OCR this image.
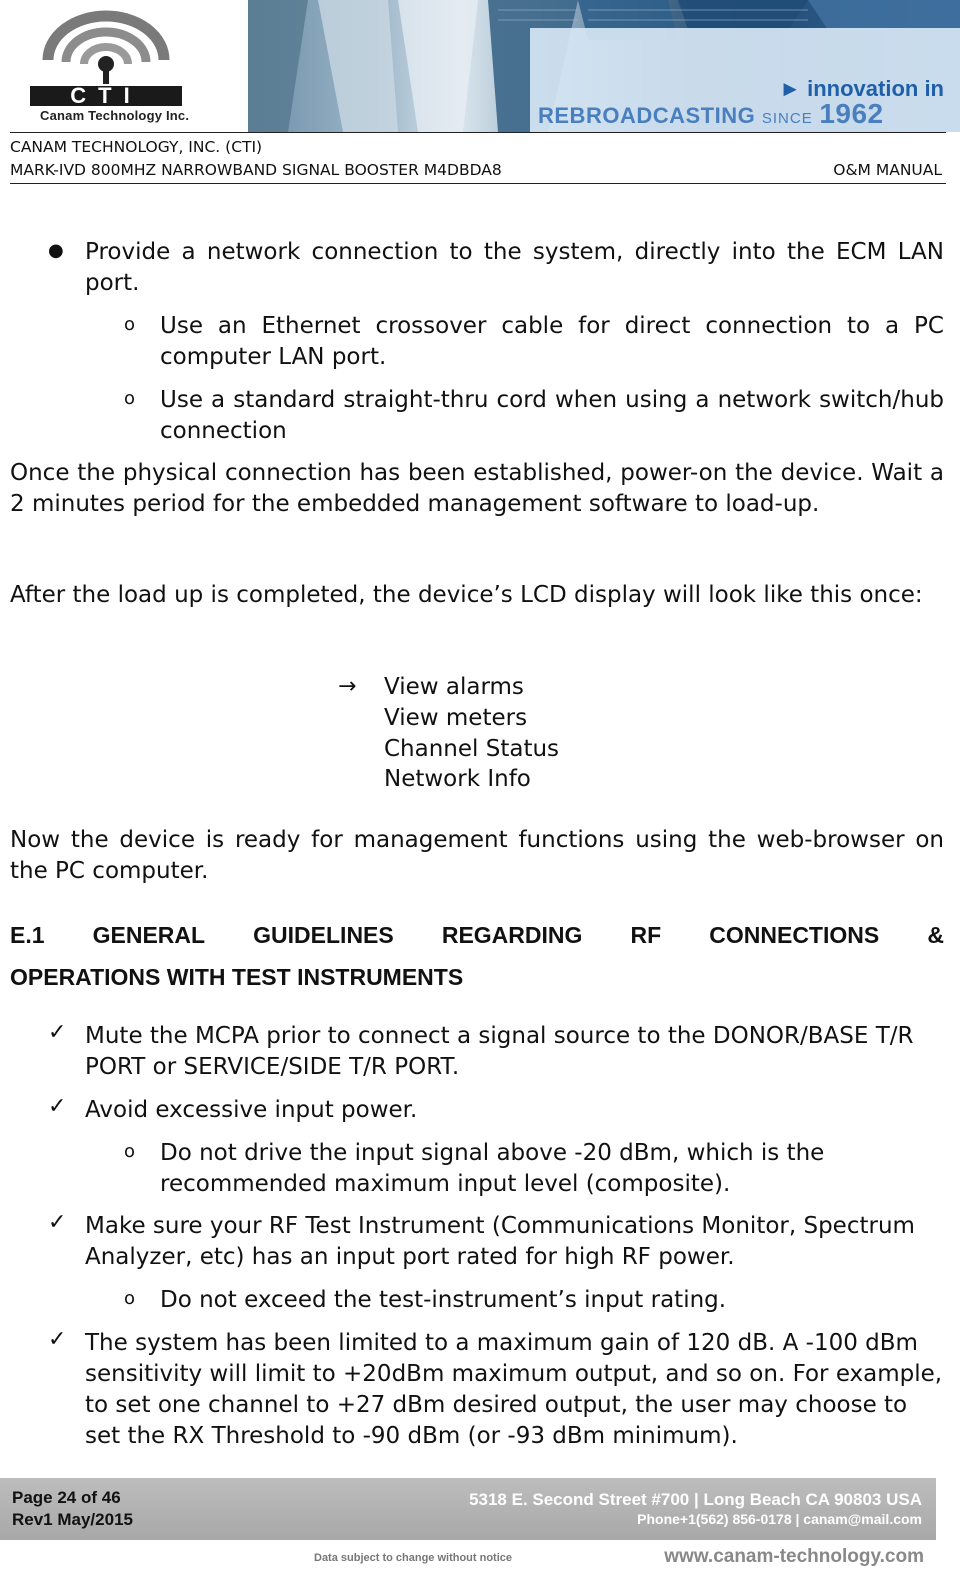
CTI
Canam Technology Inc.
► innovation in
REBROADCASTING SINCE 1962
CANAM TECHNOLOGY, INC. (CTI)
MARK-IVD 800MHZ NARROWBAND SIGNAL BOOSTER M4DBDA8	O&M MANUAL
● Provide a network connection to the system, directly into the ECM LAN port.
o Use an Ethernet crossover cable for direct connection to a PC computer LAN port.
o Use a standard straight-thru cord when using a network switch/hub connection
Once the physical connection has been established, power-on the device. Wait a 2 minutes period for the embedded management software to load-up.
After the load up is completed, the device’s LCD display will look like this once:
→ View alarms
View meters
Channel Status
Network Info
Now the device is ready for management functions using the web-browser on the PC computer.
E.1 GENERAL GUIDELINES REGARDING RF CONNECTIONS &
OPERATIONS WITH TEST INSTRUMENTS
✓ Mute the MCPA prior to connect a signal source to the DONOR/BASE T/R PORT or SERVICE/SIDE T/R PORT.
✓ Avoid excessive input power.
o Do not drive the input signal above -20 dBm, which is the recommended maximum input level (composite).
✓ Make sure your RF Test Instrument (Communications Monitor, Spectrum Analyzer, etc) has an input port rated for high RF power.
o Do not exceed the test-instrument’s input rating.
✓ The system has been limited to a maximum gain of 120 dB. A -100 dBm sensitivity will limit to +20dBm maximum output, and so on. For example, to set one channel to +27 dBm desired output, the user may choose to set the RX Threshold to -90 dBm (or -93 dBm minimum).
Page 24 of 46
Rev1 May/2015
5318 E. Second Street #700 | Long Beach CA 90803 USA
Phone+1(562) 856-0178 | canam@mail.com
Data subject to change without notice	www.canam-technology.com
